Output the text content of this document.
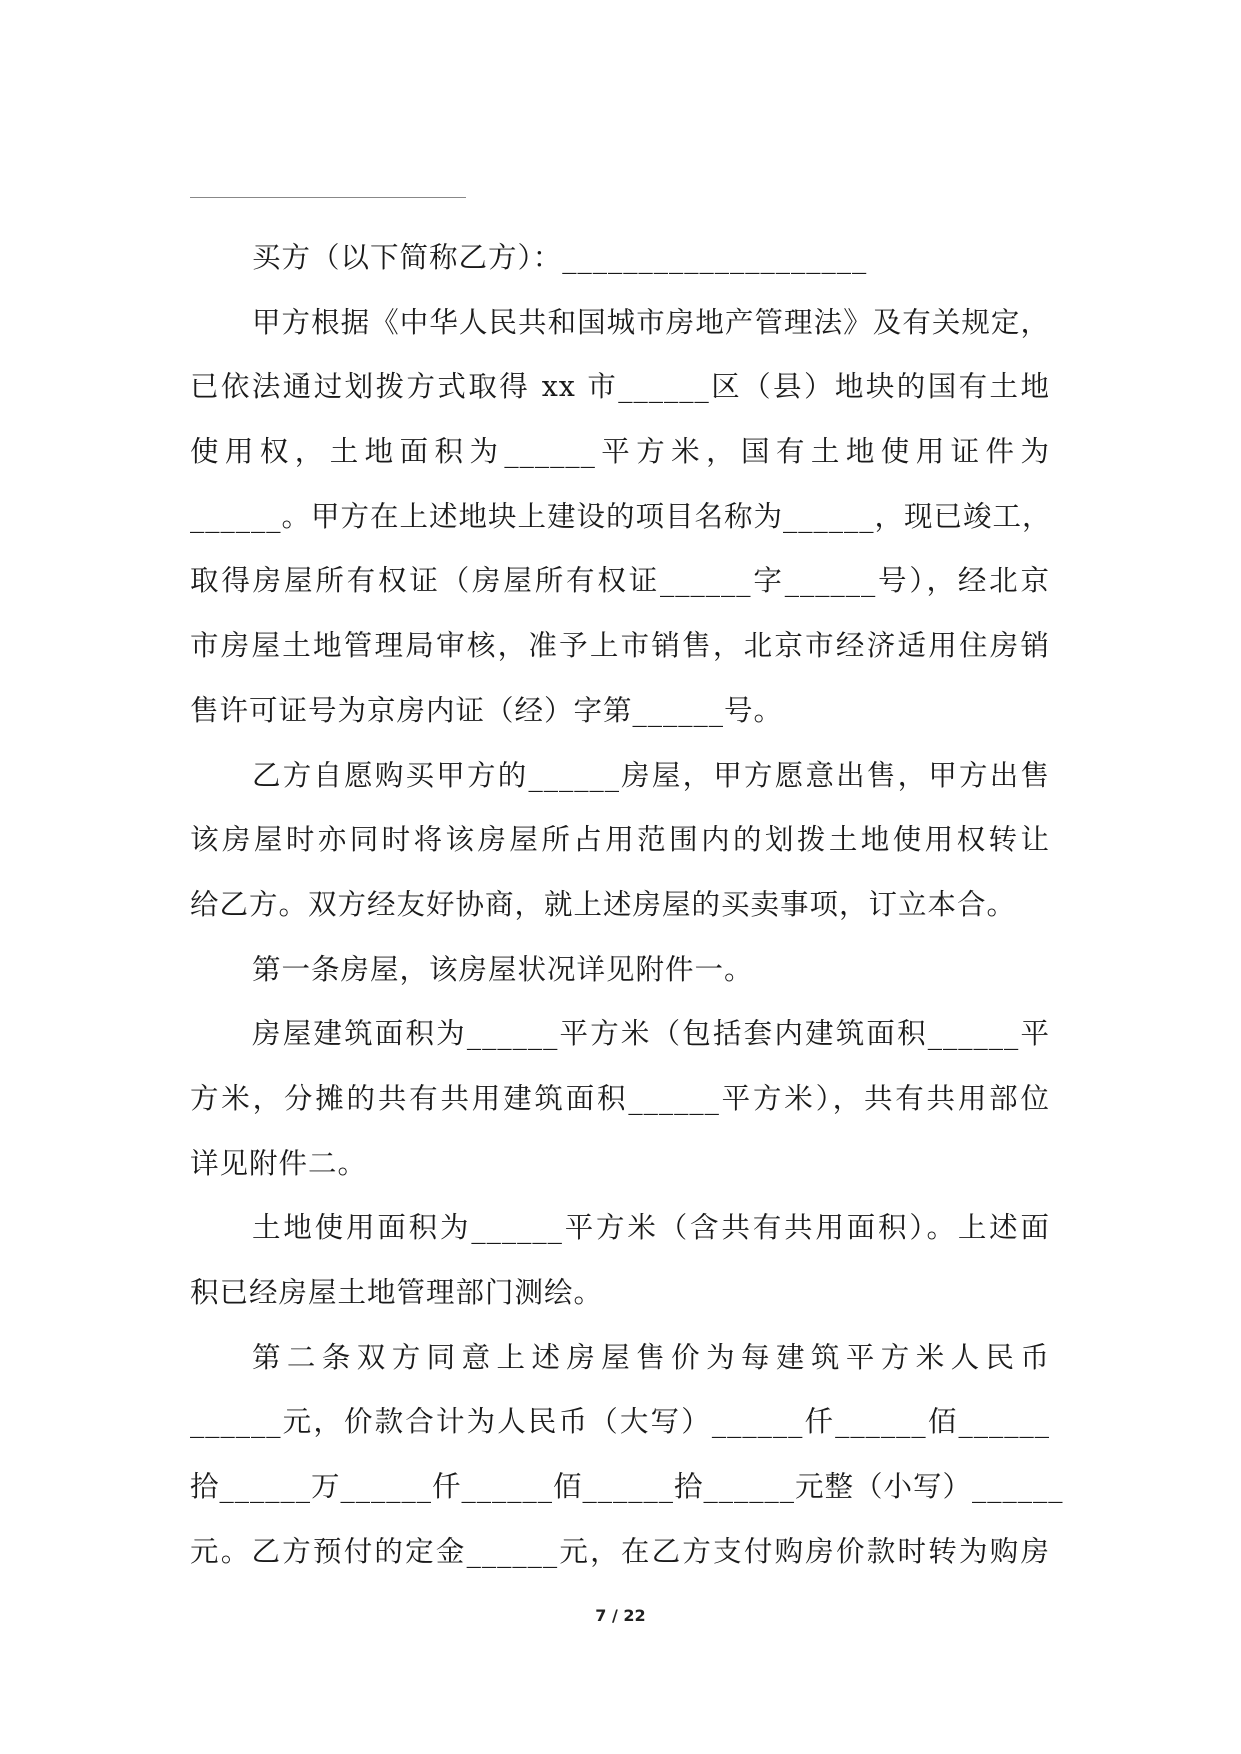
买方（以下简称乙方）：____________________
甲方根据《中华人民共和国城市房地产管理法》及有关规定，
已依法通过划拨方式取得 xx 市______区（县）地块的国有土地
使用权，土地面积为______平方米，国有土地使用证件为
______。甲方在上述地块上建设的项目名称为______，现已竣工，
取得房屋所有权证（房屋所有权证______字______号），经北京
市房屋土地管理局审核，准予上市销售，北京市经济适用住房销
售许可证号为京房内证（经）字第______号。
乙方自愿购买甲方的______房屋，甲方愿意出售，甲方出售
该房屋时亦同时将该房屋所占用范围内的划拨土地使用权转让
给乙方。双方经友好协商，就上述房屋的买卖事项，订立本合。
第一条房屋，该房屋状况详见附件一。
房屋建筑面积为______平方米（包括套内建筑面积______平
方米，分摊的共有共用建筑面积______平方米），共有共用部位
详见附件二。
土地使用面积为______平方米（含共有共用面积）。上述面
积已经房屋土地管理部门测绘。
第二条双方同意上述房屋售价为每建筑平方米人民币
______元，价款合计为人民币（大写）______仟______佰______
拾______万______仟______佰______拾______元整（小写）______
元。乙方预付的定金______元，在乙方支付购房价款时转为购房
7 / 22
